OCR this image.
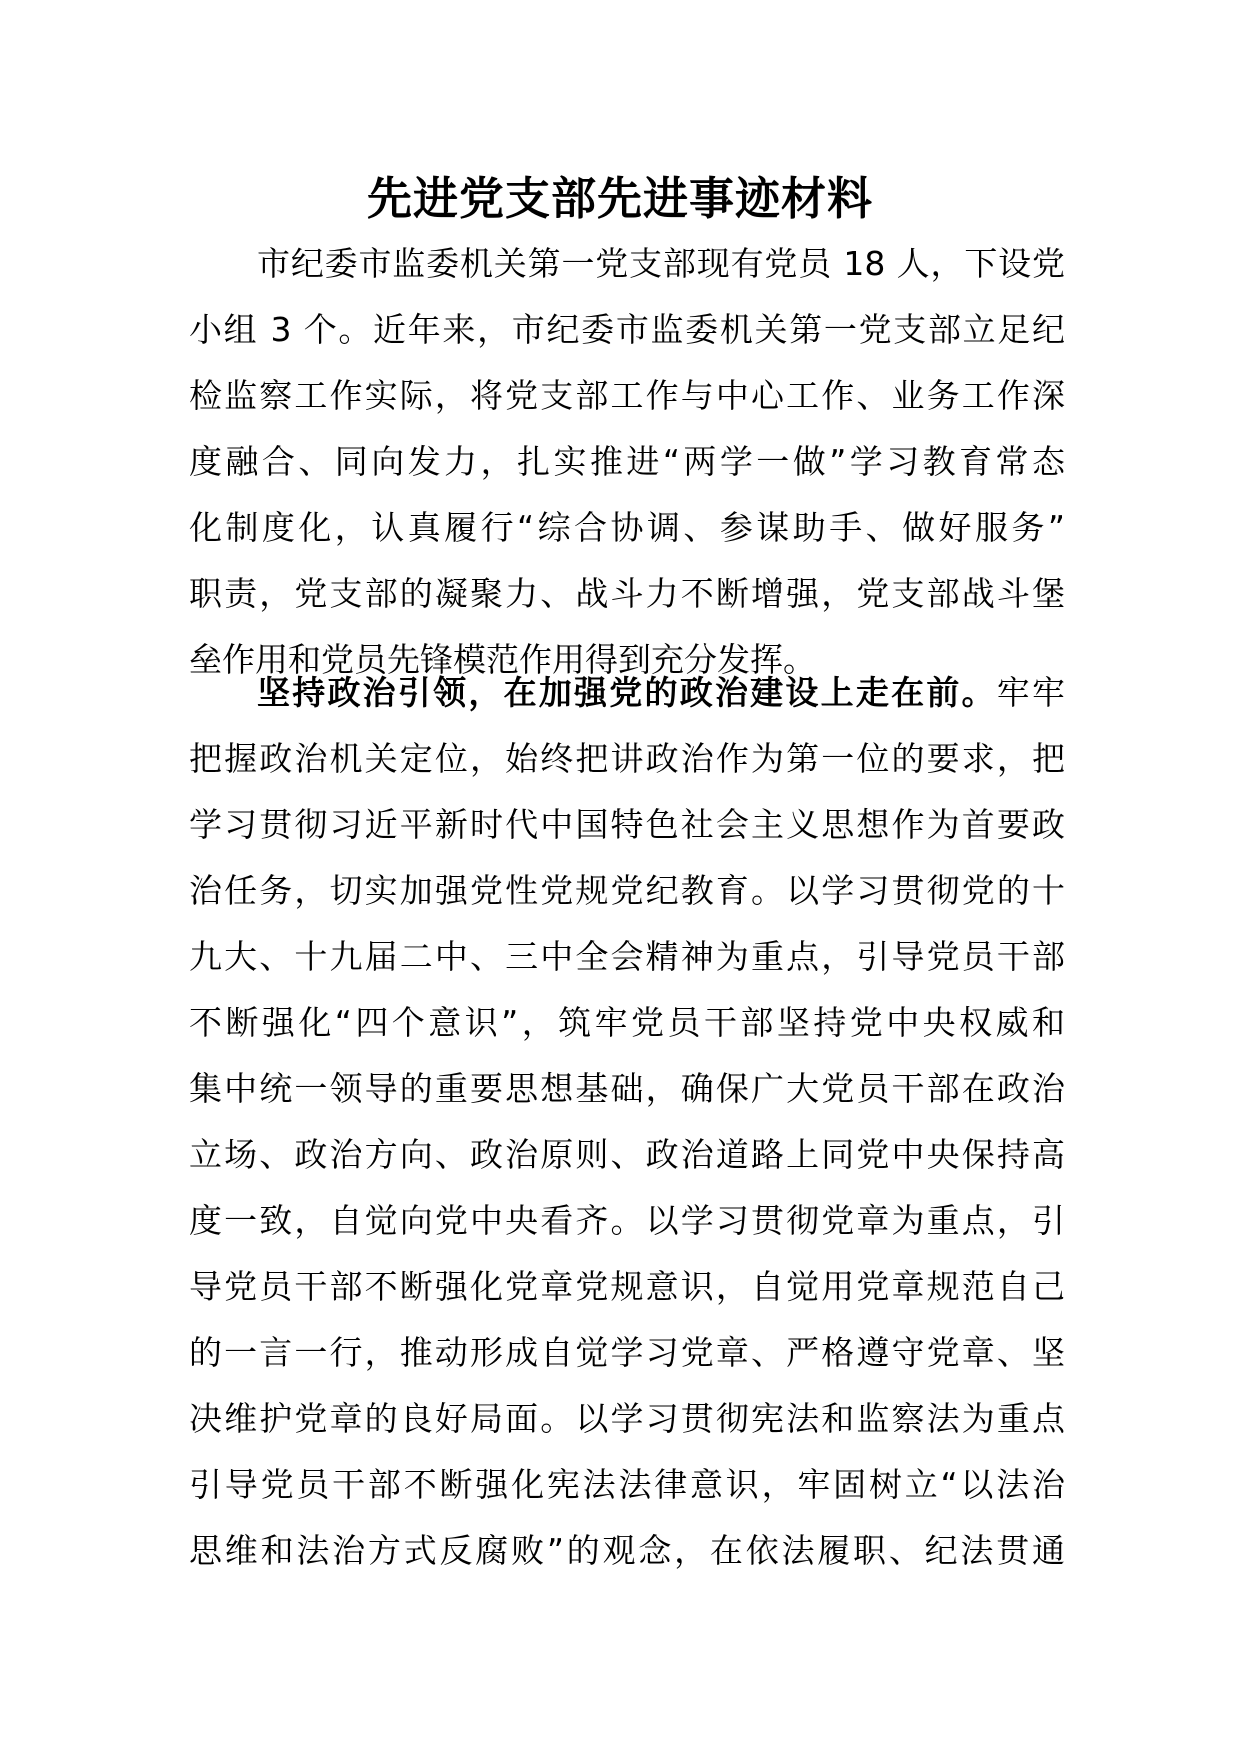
先进党支部先进事迹材料
市纪委市监委机关第一党支部现有党员 18 人，下设党
小组 3 个。近年来，市纪委市监委机关第一党支部立足纪
检监察工作实际，将党支部工作与中心工作、业务工作深
度融合、同向发力，扎实推进“两学一做”学习教育常态
化制度化，认真履行“综合协调、参谋助手、做好服务”
职责，党支部的凝聚力、战斗力不断增强，党支部战斗堡
垒作用和党员先锋模范作用得到充分发挥。
坚持政治引领，在加强党的政治建设上走在前。牢牢
把握政治机关定位，始终把讲政治作为第一位的要求，把
学习贯彻习近平新时代中国特色社会主义思想作为首要政
治任务，切实加强党性党规党纪教育。以学习贯彻党的十
九大、十九届二中、三中全会精神为重点，引导党员干部
不断强化“四个意识”，筑牢党员干部坚持党中央权威和
集中统一领导的重要思想基础，确保广大党员干部在政治
立场、政治方向、政治原则、政治道路上同党中央保持高
度一致，自觉向党中央看齐。以学习贯彻党章为重点，引
导党员干部不断强化党章党规意识，自觉用党章规范自己
的一言一行，推动形成自觉学习党章、严格遵守党章、坚
决维护党章的良好局面。以学习贯彻宪法和监察法为重点
引导党员干部不断强化宪法法律意识，牢固树立“以法治
思维和法治方式反腐败”的观念，在依法履职、纪法贯通
